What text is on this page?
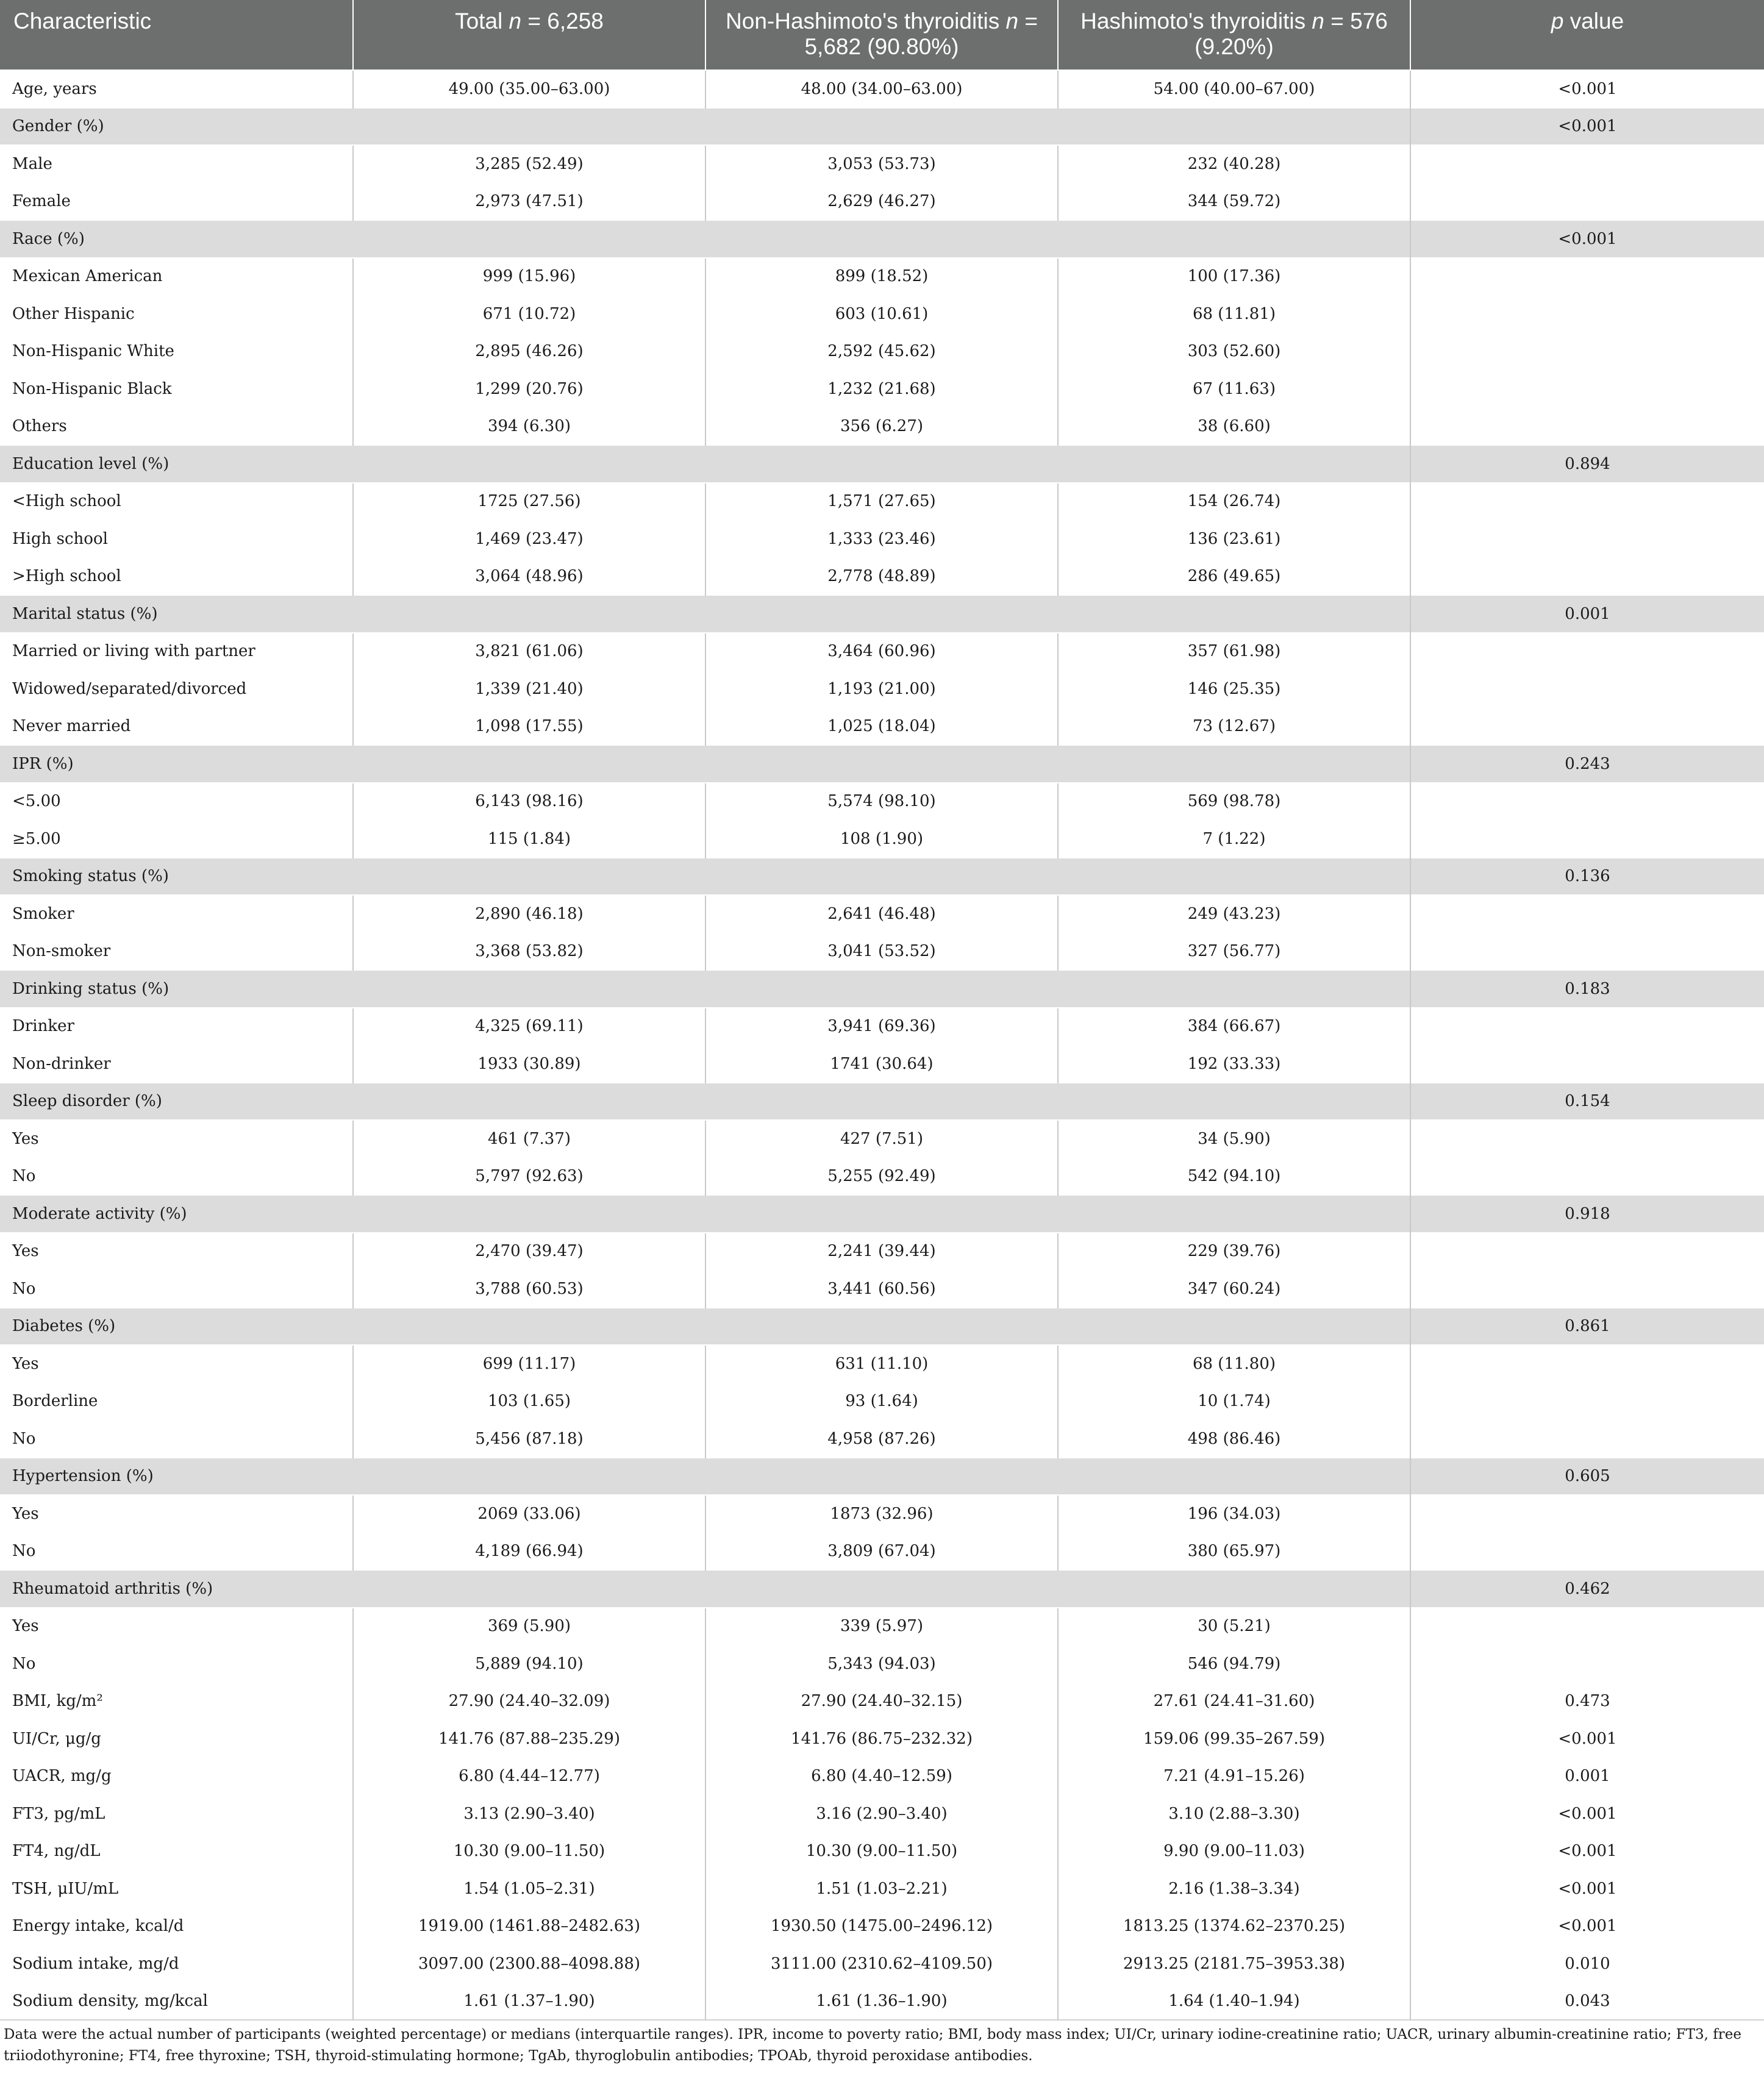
Characteristic	Total n = 6,258	Non-Hashimoto's thyroiditis n = 5,682 (90.80%)	Hashimoto's thyroiditis n = 576 (9.20%)	p value
Age, years	49.00 (35.00–63.00)	48.00 (34.00–63.00)	54.00 (40.00–67.00)	<0.001
Gender (%)				<0.001
Male	3,285 (52.49)	3,053 (53.73)	232 (40.28)	
Female	2,973 (47.51)	2,629 (46.27)	344 (59.72)	
Race (%)				<0.001
Mexican American	999 (15.96)	899 (18.52)	100 (17.36)	
Other Hispanic	671 (10.72)	603 (10.61)	68 (11.81)	
Non-Hispanic White	2,895 (46.26)	2,592 (45.62)	303 (52.60)	
Non-Hispanic Black	1,299 (20.76)	1,232 (21.68)	67 (11.63)	
Others	394 (6.30)	356 (6.27)	38 (6.60)	
Education level (%)				0.894
<High school	1725 (27.56)	1,571 (27.65)	154 (26.74)	
High school	1,469 (23.47)	1,333 (23.46)	136 (23.61)	
>High school	3,064 (48.96)	2,778 (48.89)	286 (49.65)	
Marital status (%)				0.001
Married or living with partner	3,821 (61.06)	3,464 (60.96)	357 (61.98)	
Widowed/separated/divorced	1,339 (21.40)	1,193 (21.00)	146 (25.35)	
Never married	1,098 (17.55)	1,025 (18.04)	73 (12.67)	
IPR (%)				0.243
<5.00	6,143 (98.16)	5,574 (98.10)	569 (98.78)	
≥5.00	115 (1.84)	108 (1.90)	7 (1.22)	
Smoking status (%)				0.136
Smoker	2,890 (46.18)	2,641 (46.48)	249 (43.23)	
Non-smoker	3,368 (53.82)	3,041 (53.52)	327 (56.77)	
Drinking status (%)				0.183
Drinker	4,325 (69.11)	3,941 (69.36)	384 (66.67)	
Non-drinker	1933 (30.89)	1741 (30.64)	192 (33.33)	
Sleep disorder (%)				0.154
Yes	461 (7.37)	427 (7.51)	34 (5.90)	
No	5,797 (92.63)	5,255 (92.49)	542 (94.10)	
Moderate activity (%)				0.918
Yes	2,470 (39.47)	2,241 (39.44)	229 (39.76)	
No	3,788 (60.53)	3,441 (60.56)	347 (60.24)	
Diabetes (%)				0.861
Yes	699 (11.17)	631 (11.10)	68 (11.80)	
Borderline	103 (1.65)	93 (1.64)	10 (1.74)	
No	5,456 (87.18)	4,958 (87.26)	498 (86.46)	
Hypertension (%)				0.605
Yes	2069 (33.06)	1873 (32.96)	196 (34.03)	
No	4,189 (66.94)	3,809 (67.04)	380 (65.97)	
Rheumatoid arthritis (%)				0.462
Yes	369 (5.90)	339 (5.97)	30 (5.21)	
No	5,889 (94.10)	5,343 (94.03)	546 (94.79)	
BMI, kg/m²	27.90 (24.40–32.09)	27.90 (24.40–32.15)	27.61 (24.41–31.60)	0.473
UI/Cr, μg/g	141.76 (87.88–235.29)	141.76 (86.75–232.32)	159.06 (99.35–267.59)	<0.001
UACR, mg/g	6.80 (4.44–12.77)	6.80 (4.40–12.59)	7.21 (4.91–15.26)	0.001
FT3, pg/mL	3.13 (2.90–3.40)	3.16 (2.90–3.40)	3.10 (2.88–3.30)	<0.001
FT4, ng/dL	10.30 (9.00–11.50)	10.30 (9.00–11.50)	9.90 (9.00–11.03)	<0.001
TSH, μIU/mL	1.54 (1.05–2.31)	1.51 (1.03–2.21)	2.16 (1.38–3.34)	<0.001
Energy intake, kcal/d	1919.00 (1461.88–2482.63)	1930.50 (1475.00–2496.12)	1813.25 (1374.62–2370.25)	<0.001
Sodium intake, mg/d	3097.00 (2300.88–4098.88)	3111.00 (2310.62–4109.50)	2913.25 (2181.75–3953.38)	0.010
Sodium density, mg/kcal	1.61 (1.37–1.90)	1.61 (1.36–1.90)	1.64 (1.40–1.94)	0.043
Data were the actual number of participants (weighted percentage) or medians (interquartile ranges). IPR, income to poverty ratio; BMI, body mass index; UI/Cr, urinary iodine-creatinine ratio; UACR, urinary albumin-creatinine ratio; FT3, free triiodothyronine; FT4, free thyroxine; TSH, thyroid-stimulating hormone; TgAb, thyroglobulin antibodies; TPOAb, thyroid peroxidase antibodies.
